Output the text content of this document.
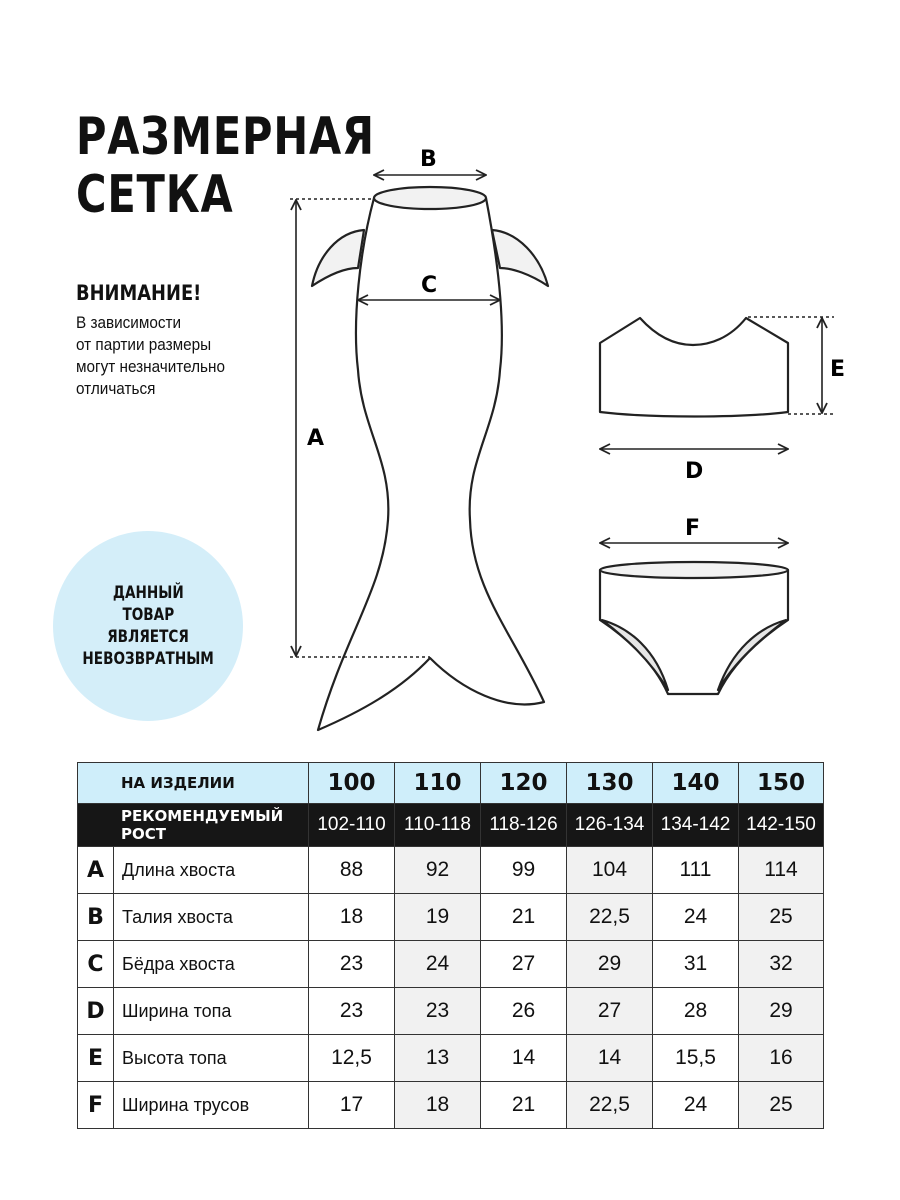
РАЗМЕРНАЯ
СЕТКА

ВНИМАНИЕ!

В зависимости
от партии размеры
могут незначительно
отличаться

ДАННЫЙ
ТОВАР
ЯВЛЯЕТСЯ
НЕВОЗВРАТНЫМ
A
B
C
E
D
F
НА ИЗДЕЛИИ		100	110	120	130	140	150
РЕКОМЕНДУЕМЫЙ РОСТ		102-110	110-118	118-126	126-134	134-142	142-150
A	Длина хвоста	88	92	99	104	111	114
B	Талия хвоста	18	19	21	22,5	24	25
C	Бёдра хвоста	23	24	27	29	31	32
D	Ширина топа	23	23	26	27	28	29
E	Высота топа	12,5	13	14	14	15,5	16
F	Ширина трусов	17	18	21	22,5	24	25
